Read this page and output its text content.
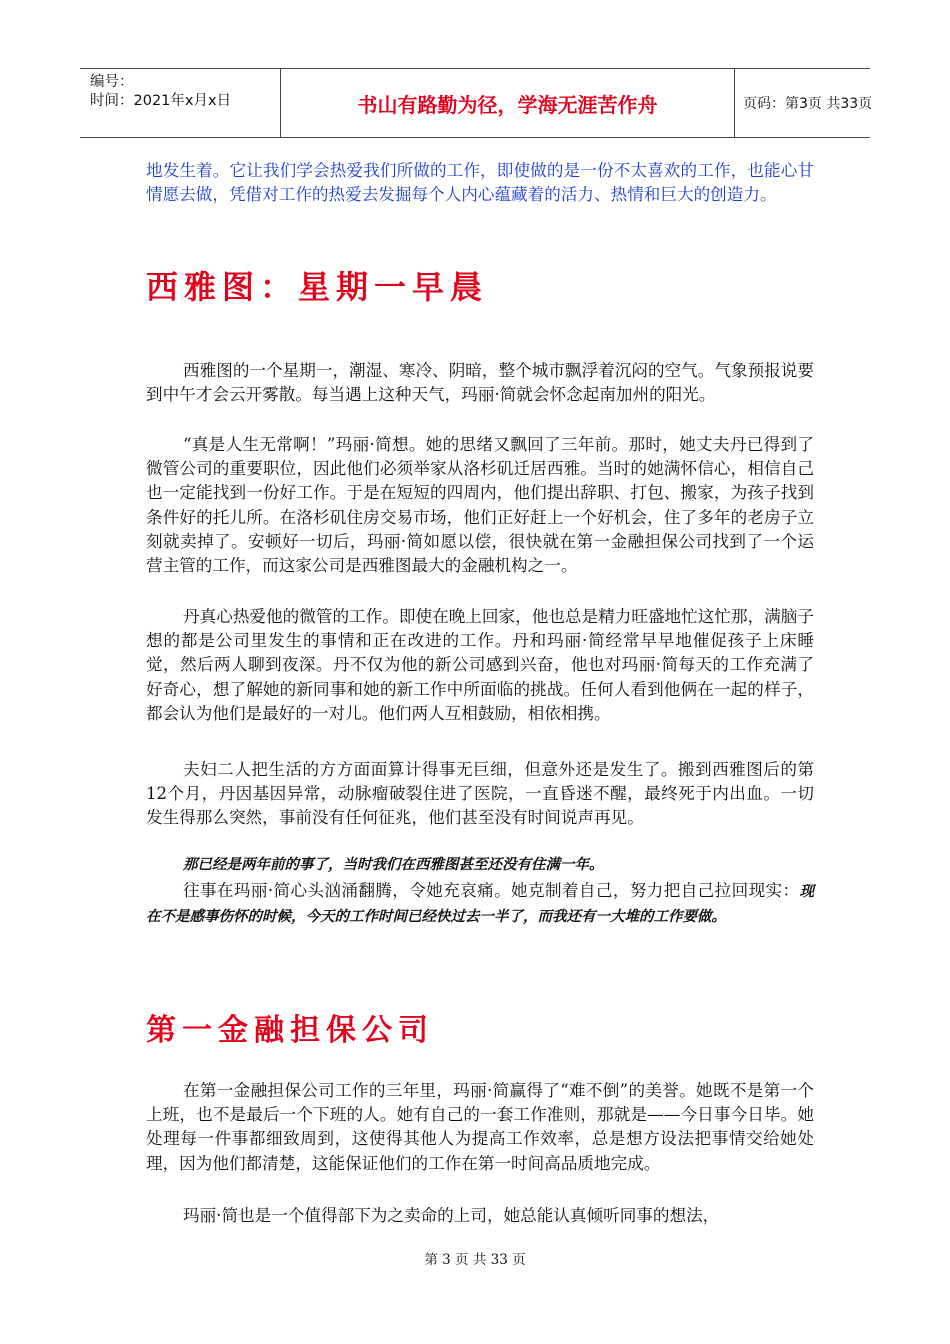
编号：
时间：2021年x月x日	书山有路勤为径，学海无涯苦作舟	页码：第3页 共33页

地发生着。它让我们学会热爱我们所做的工作，即使做的是一份不太喜欢的工作，也能心甘情愿去做，凭借对工作的热爱去发掘每个人内心蕴藏着的活力、热情和巨大的创造力。

西雅图：星期一早晨

西雅图的一个星期一，潮湿、寒冷、阴暗，整个城市飘浮着沉闷的空气。气象预报说要到中午才会云开雾散。每当遇上这种天气，玛丽·简就会怀念起南加州的阳光。

“真是人生无常啊！”玛丽·简想。她的思绪又飘回了三年前。那时，她丈夫丹已得到了微管公司的重要职位，因此他们必须举家从洛杉矶迁居西雅。当时的她满怀信心，相信自己也一定能找到一份好工作。于是在短短的四周内，他们提出辞职、打包、搬家，为孩子找到条件好的托儿所。在洛杉矶住房交易市场，他们正好赶上一个好机会，住了多年的老房子立刻就卖掉了。安顿好一切后，玛丽·简如愿以偿，很快就在第一金融担保公司找到了一个运营主管的工作，而这家公司是西雅图最大的金融机构之一。

丹真心热爱他的微管的工作。即使在晚上回家，他也总是精力旺盛地忙这忙那，满脑子想的都是公司里发生的事情和正在改进的工作。丹和玛丽·简经常早早地催促孩子上床睡觉，然后两人聊到夜深。丹不仅为他的新公司感到兴奋，他也对玛丽·简每天的工作充满了好奇心，想了解她的新同事和她的新工作中所面临的挑战。任何人看到他俩在一起的样子，都会认为他们是最好的一对儿。他们两人互相鼓励，相依相携。

夫妇二人把生活的方方面面算计得事无巨细，但意外还是发生了。搬到西雅图后的第12个月，丹因基因异常，动脉瘤破裂住进了医院，一直昏迷不醒，最终死于内出血。一切发生得那么突然，事前没有任何征兆，他们甚至没有时间说声再见。

那已经是两年前的事了，当时我们在西雅图甚至还没有住满一年。

往事在玛丽·简心头汹涌翻腾，令她充哀痛。她克制着自己，努力把自己拉回现实：现在不是感事伤怀的时候，今天的工作时间已经快过去一半了，而我还有一大堆的工作要做。

第一金融担保公司

在第一金融担保公司工作的三年里，玛丽·简赢得了“难不倒”的美誉。她既不是第一个上班，也不是最后一个下班的人。她有自己的一套工作准则，那就是——今日事今日毕。她处理每一件事都细致周到，这使得其他人为提高工作效率，总是想方设法把事情交给她处理，因为他们都清楚，这能保证他们的工作在第一时间高品质地完成。

玛丽·简也是一个值得部下为之卖命的上司，她总能认真倾听同事的想法，

第 3 页 共 33 页
